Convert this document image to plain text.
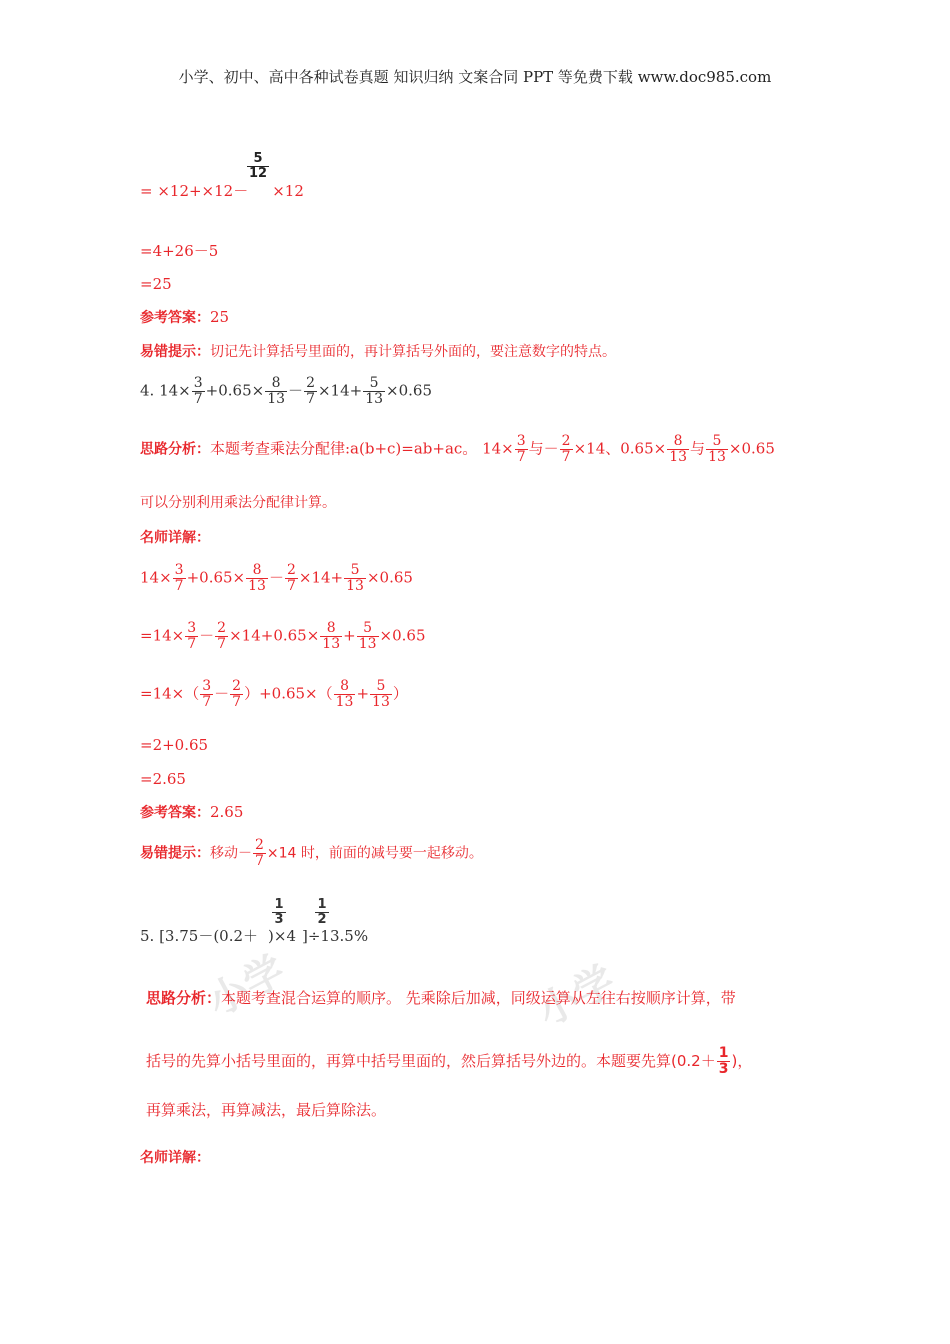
小学、初中、高中各种试卷真题 知识归纳 文案合同 PPT 等免费下载 www.doc985.com
5
12
= ×12+×12－ ×12
=4+26－5
=25
参考答案：25
易错提示：切记先计算括号里面的，再计算括号外面的，要注意数字的特点。
4. $14\times \frac{3}{7} +0.65\times \frac{8}{13} - \frac{2}{7} \times 14+ \frac{5}{13} \times 0.65$
思路分析：本题考查乘法分配律:a(b+c)=ab+ac。 $14\times \frac{3}{7}$ 与－ $\frac{2}{7} \times 14$、$0.65\times \frac{8}{13}$ 与 $\frac{5}{13} \times 0.65$
可以分别利用乘法分配律计算。
名师详解：
$14\times \frac{3}{7} +0.65\times \frac{8}{13} - \frac{2}{7} \times 14+ \frac{5}{13} \times 0.65$
$=14\times \frac{3}{7} - \frac{2}{7} \times 14+0.65\times \frac{8}{13} + \frac{5}{13} \times 0.65$
$=14\times( \frac{3}{7} - \frac{2}{7} )+0.65\times( \frac{8}{13} + \frac{5}{13}$ ）
=2+0.65
=2.65
参考答案：2.65
易错提示：移动－ $\frac{2}{7} \times 14$ 时，前面的减号要一起移动。
1
3
1
2
5. [3.75－(0.2＋ )×4 ]÷13.5%
小学	小学
思路分析：本题考查混合运算的顺序。 先乘除后加减，同级运算从左往右按顺序计算，带
括号的先算小括号里面的，再算中括号里面的，然后算括号外边的。本题要先算($0.2+ \frac{1}{3}$ )，
再算乘法，再算减法，最后算除法。
名师详解：
